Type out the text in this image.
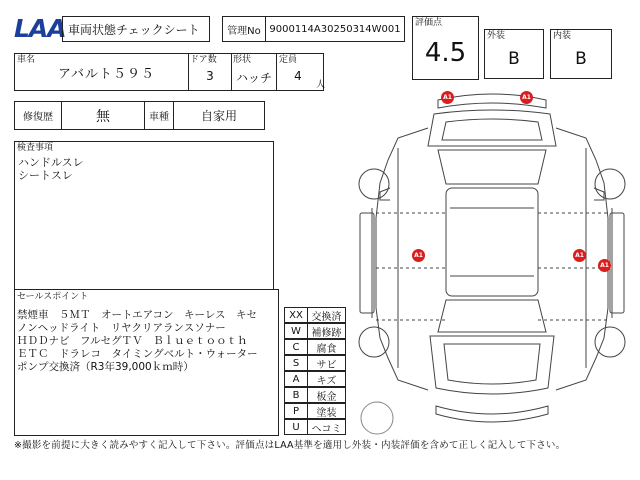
LAA 車両状態チェックシート	管理No 9000114A30250314W001
評価点
4.5
外装
B
内装
B
車名
アバルト５９５
ドア数
3
形状
ハッチ
定員
4
人
修復歴	無	車種	自家用
検査事項
ハンドルスレ
シートスレ
セールスポイント
禁煙車　５ＭＴ　オートエアコン　キーレス　キセ
ノンヘッドライト　リヤクリアランスソナー
ＨＤＤナビ　フルセグＴＶ　Ｂｌｕｅｔｏｏｔｈ
ＥＴＣ　ドラレコ　タイミングベルト・ウォーター
ポンプ交換済（R3年39,000ｋｍ時）
XX 交換済
W	補修跡
C	腐食
S	サビ
A	キズ
B	板金
P	塗装
U	ヘコミ
A1	A1
A1	A1
A1
※撮影を前提に大きく読みやすく記入して下さい。評価点はLAA基準を適用し外装・内装評価を含めて正しく記入して下さい。
